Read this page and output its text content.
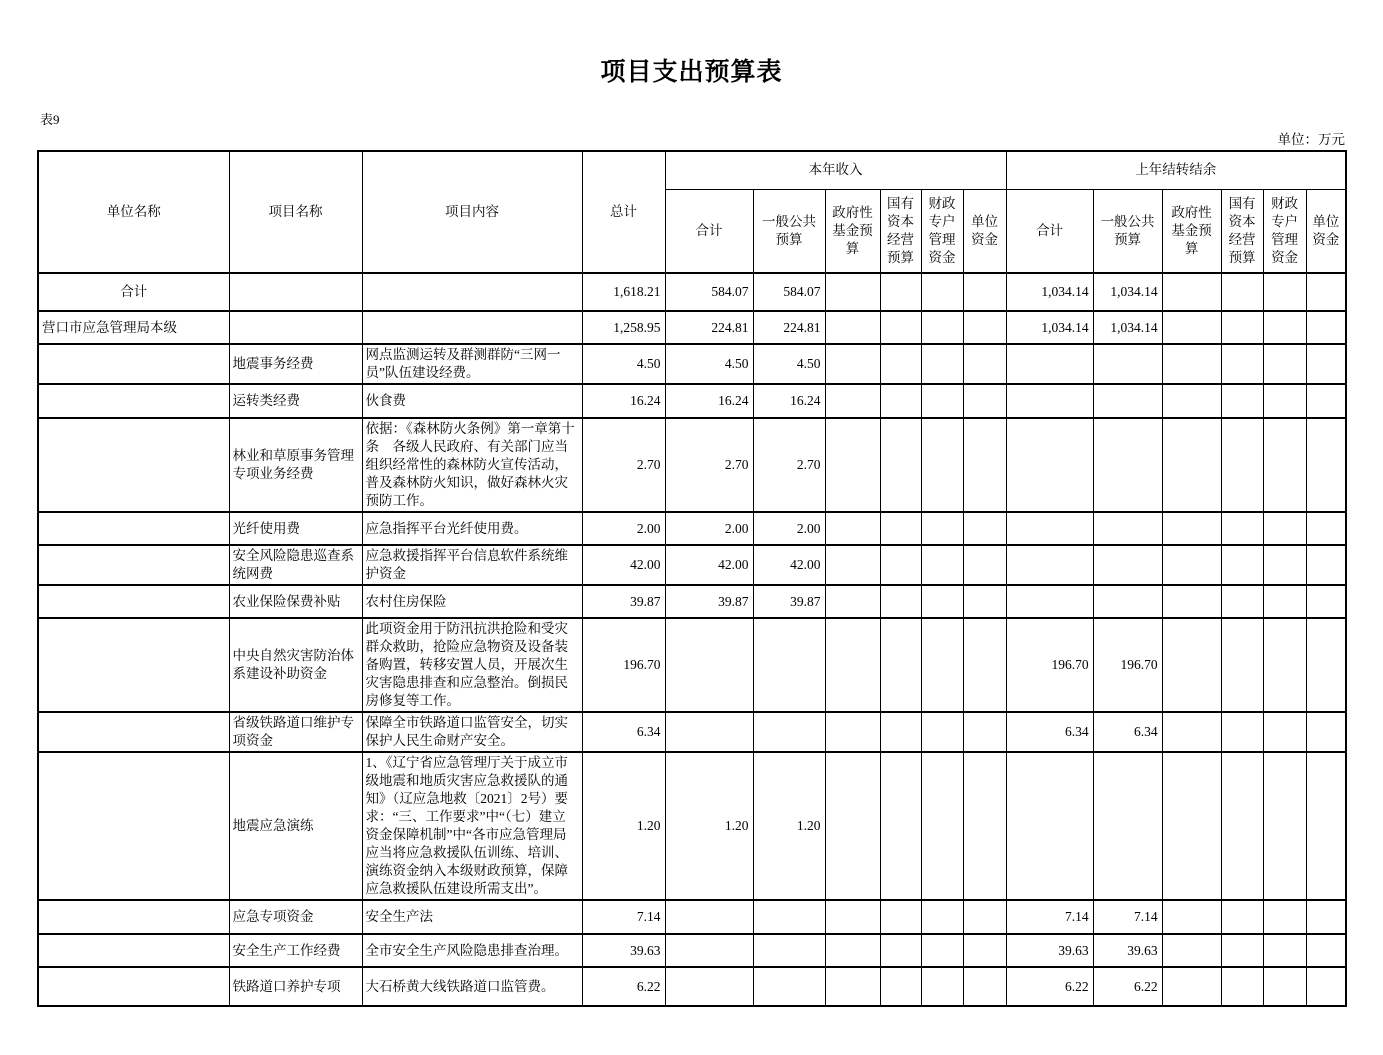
项目支出预算表
表9
单位：万元
单位名称	项目名称	项目内容	总计	本年收入						上年结转结余					
				合计	一般公共预算	政府性基金预算	国有资本经营预算	财政专户管理资金	单位资金	合计	一般公共预算	政府性基金预算	国有资本经营预算	财政专户管理资金	单位资金
合计			1,618.21	584.07	584.07					1,034.14	1,034.14				
营口市应急管理局本级			1,258.95	224.81	224.81					1,034.14	1,034.14				
	地震事务经费	网点监测运转及群测群防“三网一员”队伍建设经费。	4.50	4.50	4.50										
	运转类经费	伙食费	16.24	16.24	16.24										
	林业和草原事务管理专项业务经费	依据：《森林防火条例》第一章第十条　各级人民政府、有关部门应当组织经常性的森林防火宣传活动，普及森林防火知识，做好森林火灾预防工作。	2.70	2.70	2.70										
	光纤使用费	应急指挥平台光纤使用费。	2.00	2.00	2.00										
	安全风险隐患巡查系统网费	应急救援指挥平台信息软件系统维护资金	42.00	42.00	42.00										
	农业保险保费补贴	农村住房保险	39.87	39.87	39.87										
	中央自然灾害防治体系建设补助资金	此项资金用于防汛抗洪抢险和受灾群众救助，抢险应急物资及设备装备购置，转移安置人员，开展次生灾害隐患排查和应急整治。倒损民房修复等工作。	196.70							196.70	196.70				
	省级铁路道口维护专项资金	保障全市铁路道口监管安全，切实保护人民生命财产安全。	6.34							6.34	6.34				
	地震应急演练	1、《辽宁省应急管理厅关于成立市级地震和地质灾害应急救援队的通知》（辽应急地救〔2021〕2号）要求：“三、工作要求”中“（七）建立资金保障机制”中“各市应急管理局应当将应急救援队伍训练、培训、演练资金纳入本级财政预算，保障应急救援队伍建设所需支出”。	1.20	1.20	1.20										
	应急专项资金	安全生产法	7.14							7.14	7.14				
	安全生产工作经费	全市安全生产风险隐患排查治理。	39.63							39.63	39.63				
	铁路道口养护专项	大石桥黄大线铁路道口监管费。	6.22							6.22	6.22				
